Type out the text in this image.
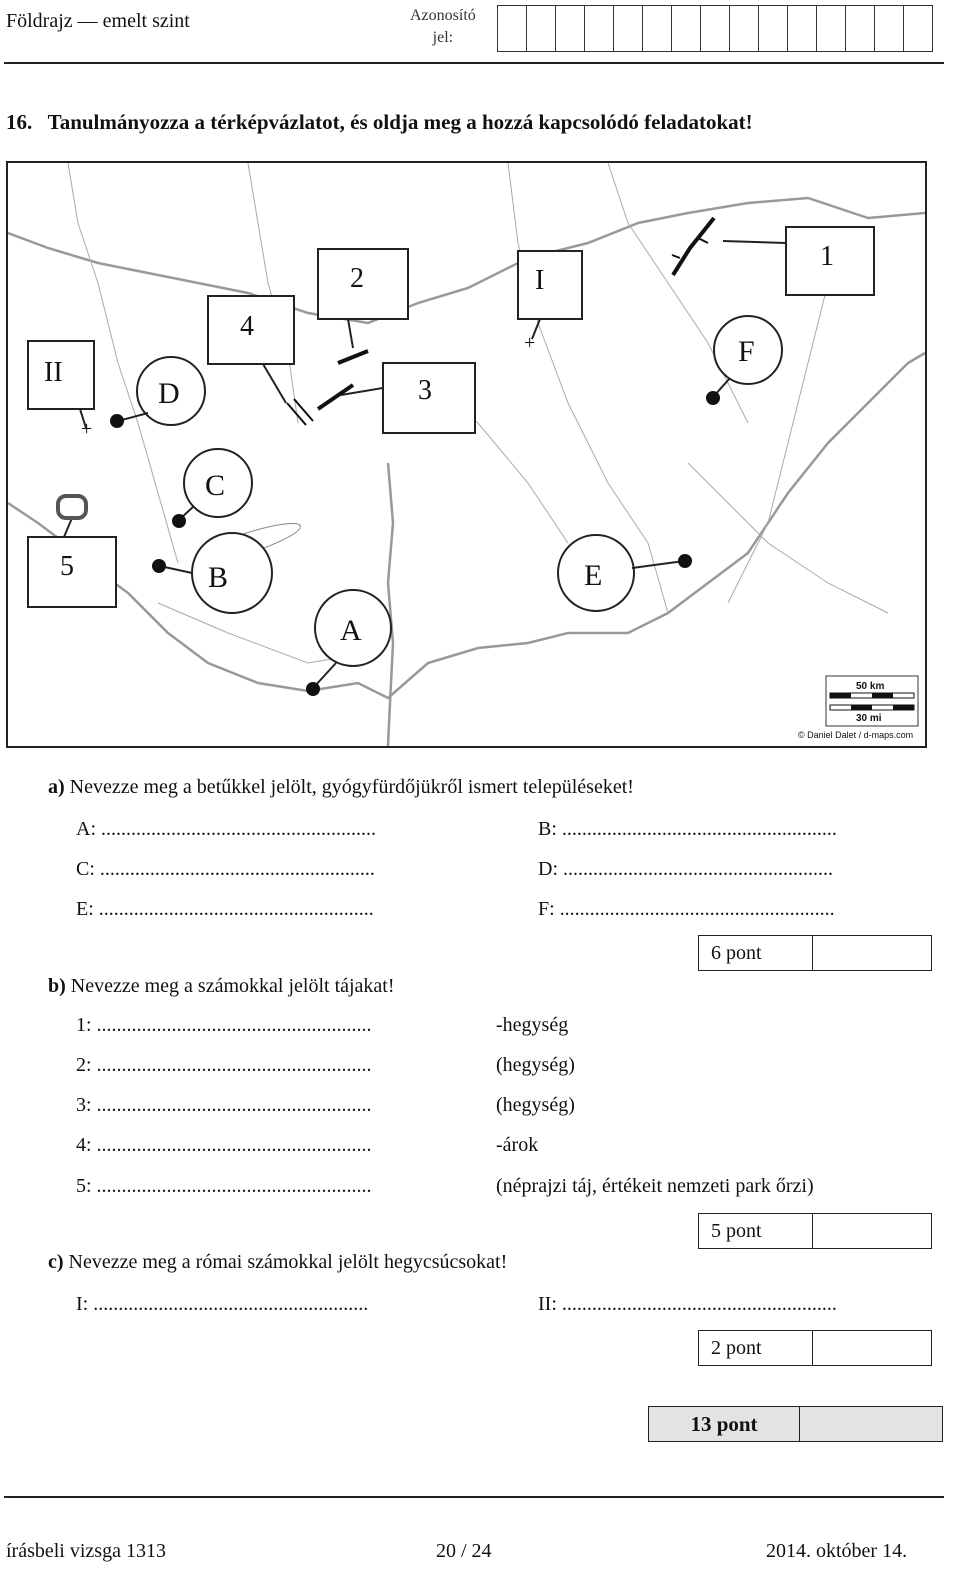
Földrajz — emelt szint	Azonosító
jel:
16.   Tanulmányozza a térképvázlatot, és oldja meg a hozzá kapcsolódó feladatokat!
II
+
4
2	I
+
3
1
5
D
C
B
A
E
F
50 km
30 mi
© Daniel Dalet / d-maps.com
a) Nevezze meg a betűkkel jelölt, gyógyfürdőjükről ismert településeket!
A: .......................................................	B: .......................................................
C: .......................................................	D: ......................................................
E: .......................................................	F: .......................................................
6 pont
b) Nevezze meg a számokkal jelölt tájakat!
1: .......................................................	-hegység
2: .......................................................	(hegység)
3: .......................................................	(hegység)
4: .......................................................	-árok
5: .......................................................	(néprajzi táj, értékeit nemzeti park őrzi)
5 pont
c) Nevezze meg a római számokkal jelölt hegycsúcsokat!
I: .......................................................	II: .......................................................
2 pont
13 pont
írásbeli vizsga 1313	20 / 24	2014. október 14.
